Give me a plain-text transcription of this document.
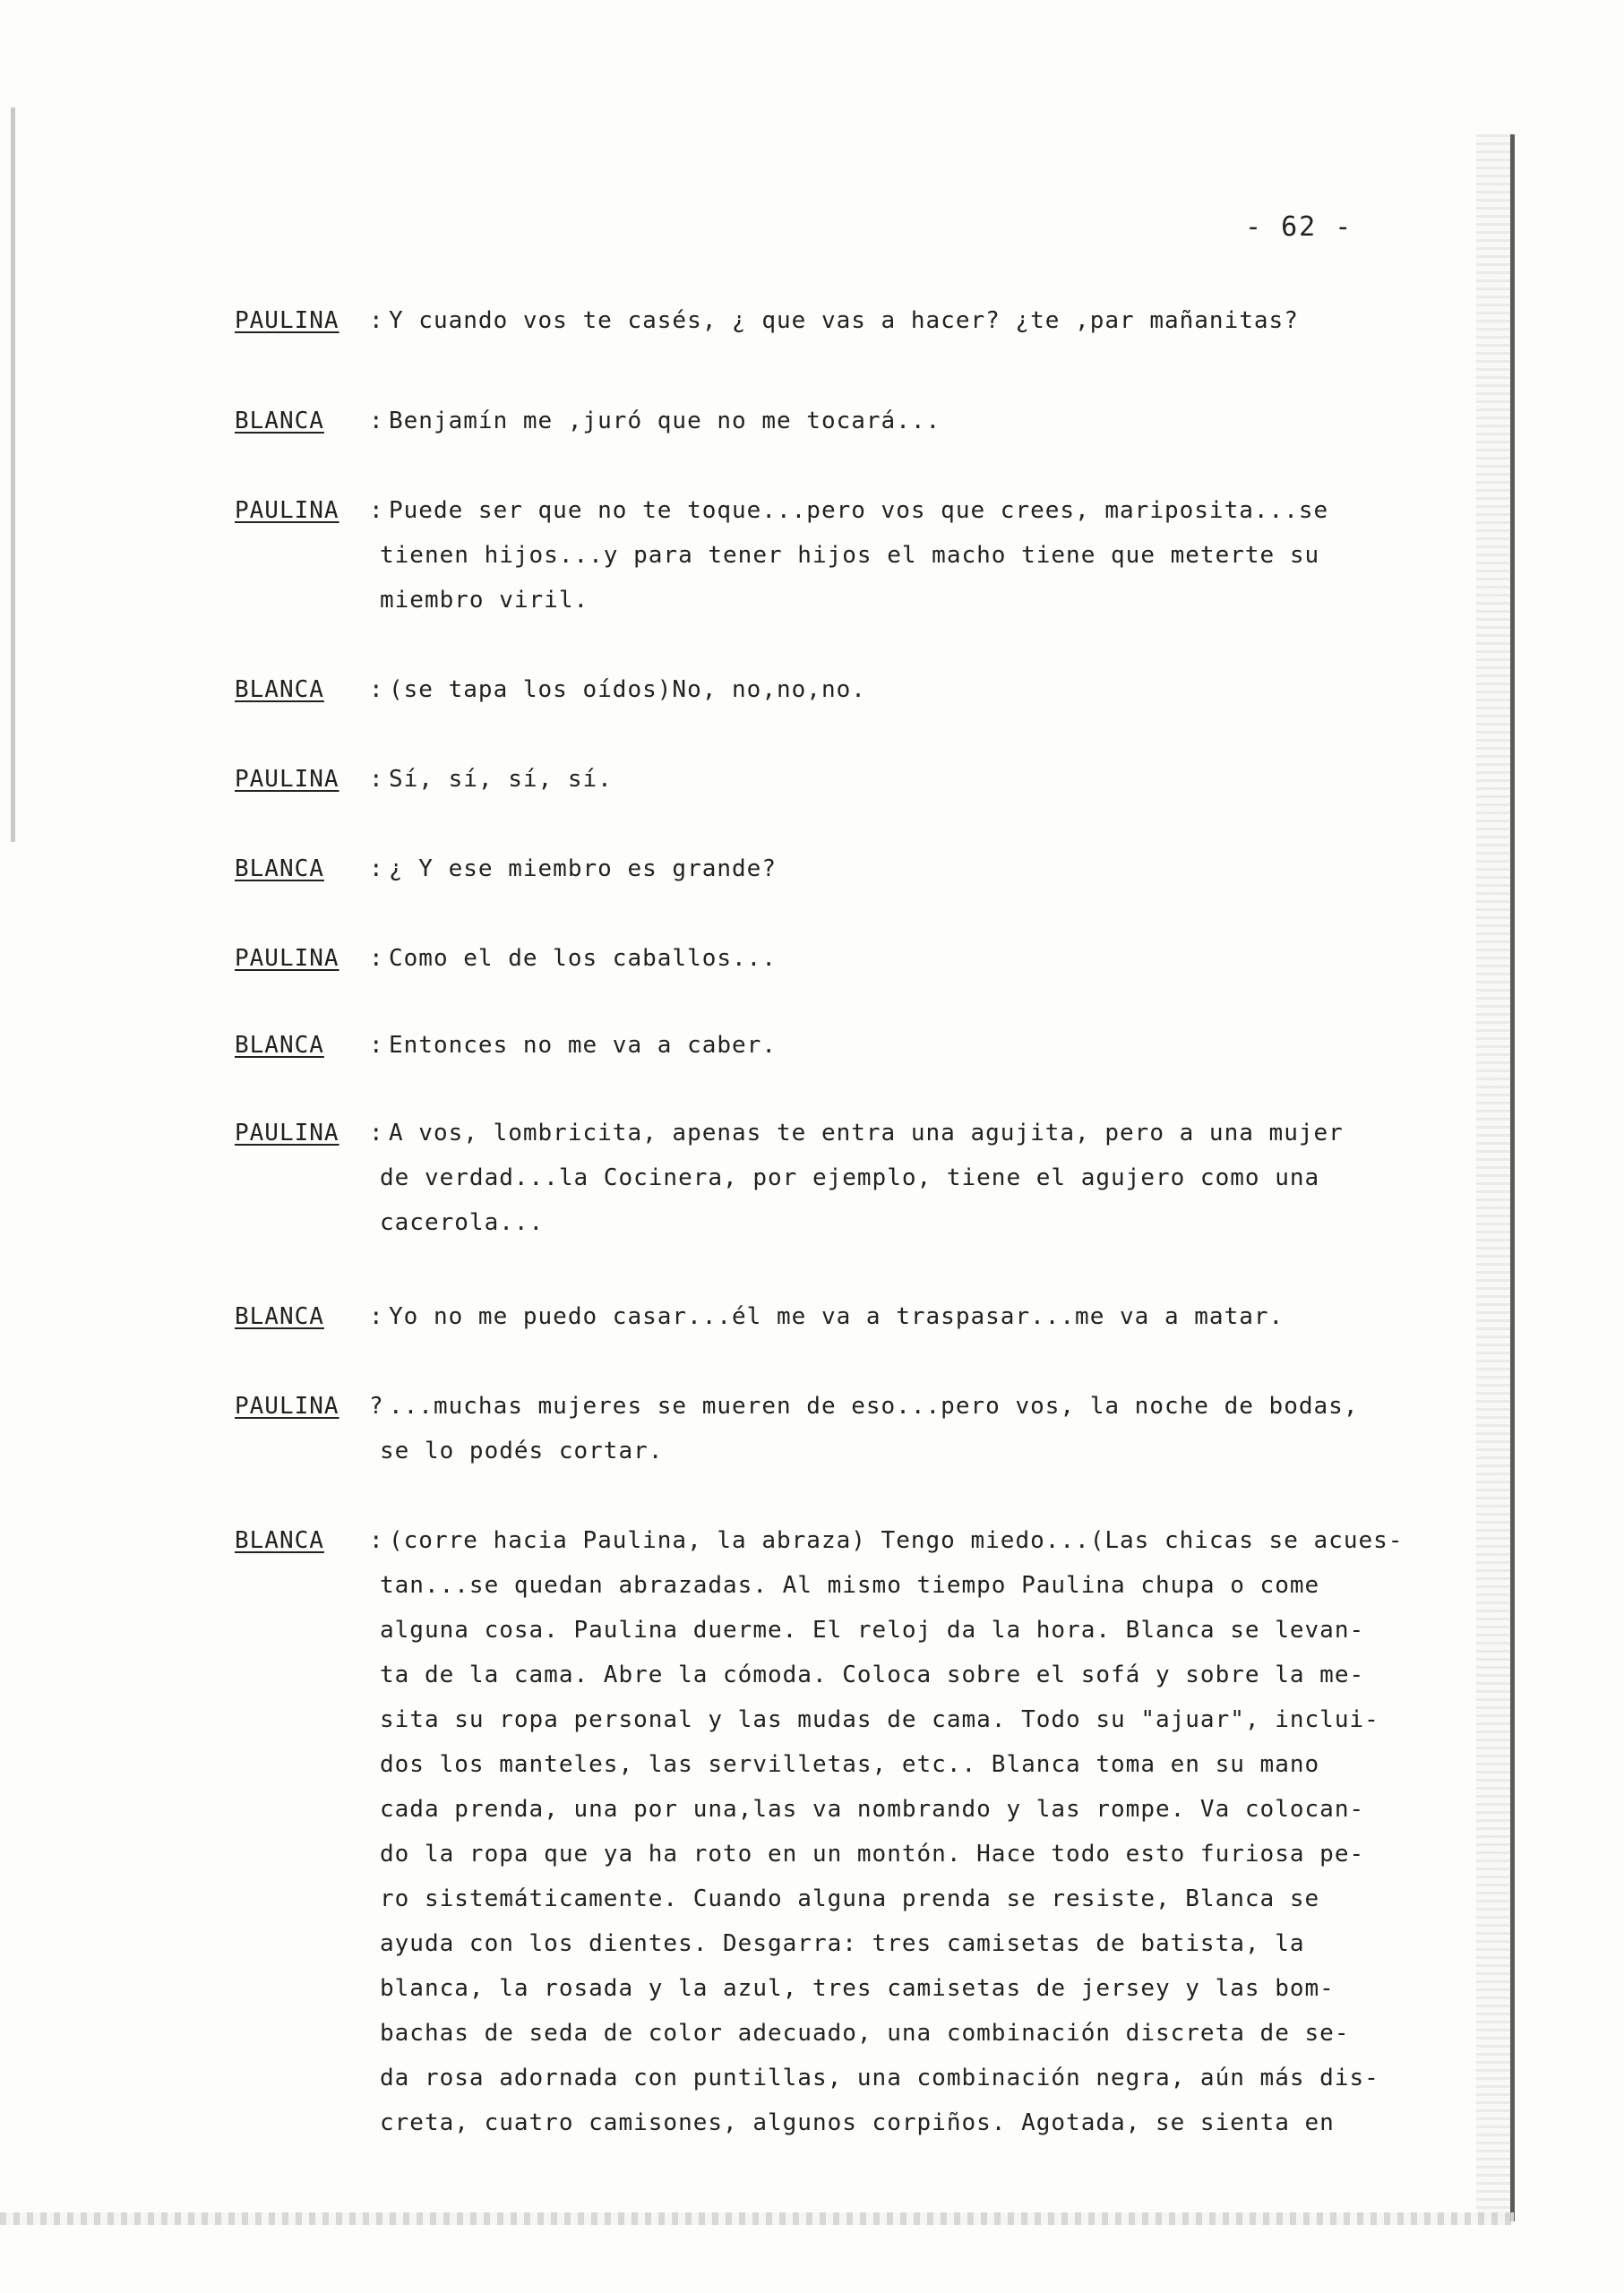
- 62 -
PAULINA : Y cuando vos te casés, ¿ que vas a hacer? ¿te ,par mañanitas?
BLANCA : Benjamín me ,juró que no me tocará...
PAULINA : Puede ser que no te toque...pero vos que crees, mariposita...se
tienen hijos...y para tener hijos el macho tiene que meterte su
miembro viril.
BLANCA : (se tapa los oídos)No, no,no,no.
PAULINA : Sí, sí, sí, sí.
BLANCA : ¿ Y ese miembro es grande?
PAULINA : Como el de los caballos...
BLANCA : Entonces no me va a caber.
PAULINA : A vos, lombricita, apenas te entra una agujita, pero a una mujer
de verdad...la Cocinera, por ejemplo, tiene el agujero como una
cacerola...
BLANCA : Yo no me puedo casar...él me va a traspasar...me va a matar.
PAULINA ? ...muchas mujeres se mueren de eso...pero vos, la noche de bodas,
se lo podés cortar.
BLANCA : (corre hacia Paulina, la abraza) Tengo miedo...(Las chicas se acues-
tan...se quedan abrazadas. Al mismo tiempo Paulina chupa o come
alguna cosa. Paulina duerme. El reloj da la hora. Blanca se levan-
ta de la cama. Abre la cómoda. Coloca sobre el sofá y sobre la me-
sita su ropa personal y las mudas de cama. Todo su "ajuar", inclui-
dos los manteles, las servilletas, etc.. Blanca toma en su mano
cada prenda, una por una,las va nombrando y las rompe. Va colocan-
do la ropa que ya ha roto en un montón. Hace todo esto furiosa pe-
ro sistemáticamente. Cuando alguna prenda se resiste, Blanca se
ayuda con los dientes. Desgarra: tres camisetas de batista, la
blanca, la rosada y la azul, tres camisetas de jersey y las bom-
bachas de seda de color adecuado, una combinación discreta de se-
da rosa adornada con puntillas, una combinación negra, aún más dis-
creta, cuatro camisones, algunos corpiños. Agotada, se sienta en
